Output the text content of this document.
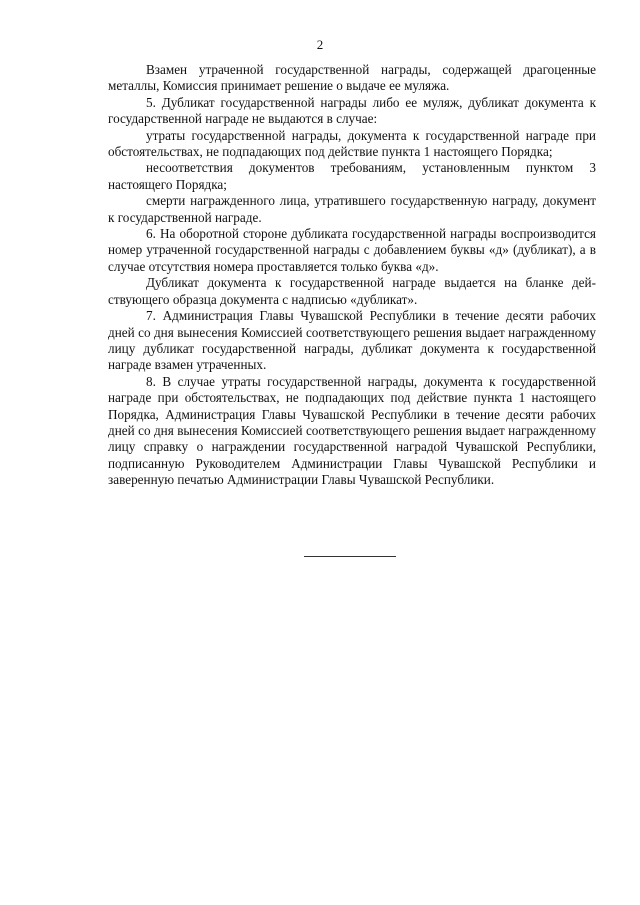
2

Взамен утраченной государственной награды, содержащей драгоценные металлы, Комиссия принимает решение о выдаче ее муляжа.

5. Дубликат государственной награды либо ее муляж, дубликат документа к государственной награде не выдаются в случае:

утраты государственной награды, документа к государственной награде при обстоятельствах, не подпадающих под действие пункта 1 настоящего Порядка;

несоответствия документов требованиям, установленным пунктом 3 настоящего Порядка;

смерти награжденного лица, утратившего государственную награду, документ к государственной награде.

6. На оборотной стороне дубликата государственной награды воспроизводится номер утраченной государственной награды с добавлением буквы «д» (дубликат), а в случае отсутствия номера проставляется только буква «д».

Дубликат документа к государственной награде выдается на бланке действующего образца документа с надписью «дубликат».

7. Администрация Главы Чувашской Республики в течение десяти рабочих дней со дня вынесения Комиссией соответствующего решения выдает награжденному лицу дубликат государственной награды, дубликат документа к государственной награде взамен утраченных.

8. В случае утраты государственной награды, документа к государственной награде при обстоятельствах, не подпадающих под действие пункта 1 настоящего Порядка, Администрация Главы Чувашской Республики в течение десяти рабочих дней со дня вынесения Комиссией соответствующего решения выдает награжденному лицу справку о награждении государственной наградой Чувашской Республики, подписанную Руководителем Администрации Главы Чувашской Республики и заверенную печатью Администрации Главы Чувашской Республики.
